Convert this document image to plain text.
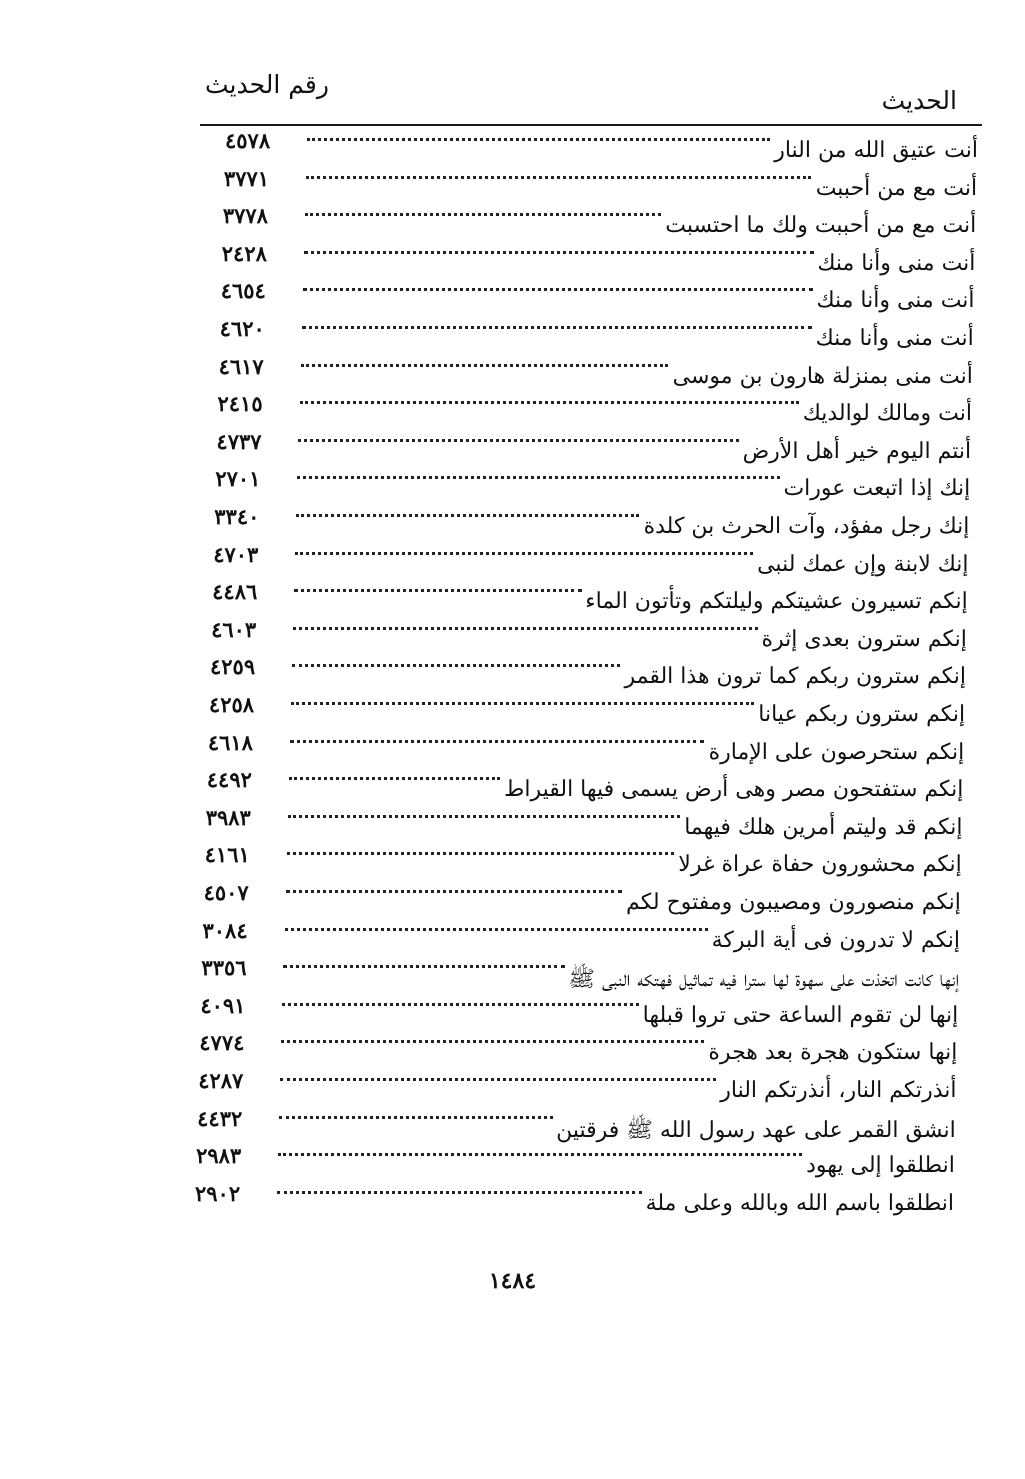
رقم الحديث
الحديث
٤٥٧٨	أنت عتيق الله من النار
٣٧٧١	أنت مع من أحببت
٣٧٧٨	أنت مع من أحببت ولك ما احتسبت
٢٤٢٨	أنت منى وأنا منك
٤٦٥٤	أنت منى وأنا منك
٤٦٢٠	أنت منى وأنا منك
٤٦١٧	أنت منى بمنزلة هارون بن موسى
٢٤١٥	أنت ومالك لوالديك
٤٧٣٧	أنتم اليوم خير أهل الأرض
٢٧٠١	إنك إذا اتبعت عورات
٣٣٤٠	إنك رجل مفؤد، وآت الحرث بن كلدة
٤٧٠٣	إنك لابنة وإن عمك لنبى
٤٤٨٦	إنكم تسيرون عشيتكم وليلتكم وتأتون الماء
٤٦٠٣	إنكم سترون بعدى إثرة
٤٢٥٩	إنكم سترون ربكم كما ترون هذا القمر
٤٢٥٨	إنكم سترون ربكم عيانا
٤٦١٨	إنكم ستحرصون على الإمارة
٤٤٩٢	إنكم ستفتحون مصر وهى أرض يسمى فيها القيراط
٣٩٨٣	إنكم قد وليتم أمرين هلك فيهما
٤١٦١	إنكم محشورون حفاة عراة غرلا
٤٥٠٧	إنكم منصورون ومصيبون ومفتوح لكم
٣٠٨٤	إنكم لا تدرون فى أية البركة
٣٣٥٦	إنها كانت اتخذت على سهوة لها سترا فيه تماثيل فهتكه النبى ﷺ
٤٠٩١	إنها لن تقوم الساعة حتى تروا قبلها
٤٧٧٤	إنها ستكون هجرة بعد هجرة
٤٢٨٧	أنذرتكم النار، أنذرتكم النار
٤٤٣٢	انشق القمر على عهد رسول الله ﷺ فرقتين
٢٩٨٣	انطلقوا إلى يهود
٢٩٠٢	انطلقوا باسم الله وبالله وعلى ملة
١٤٨٤
